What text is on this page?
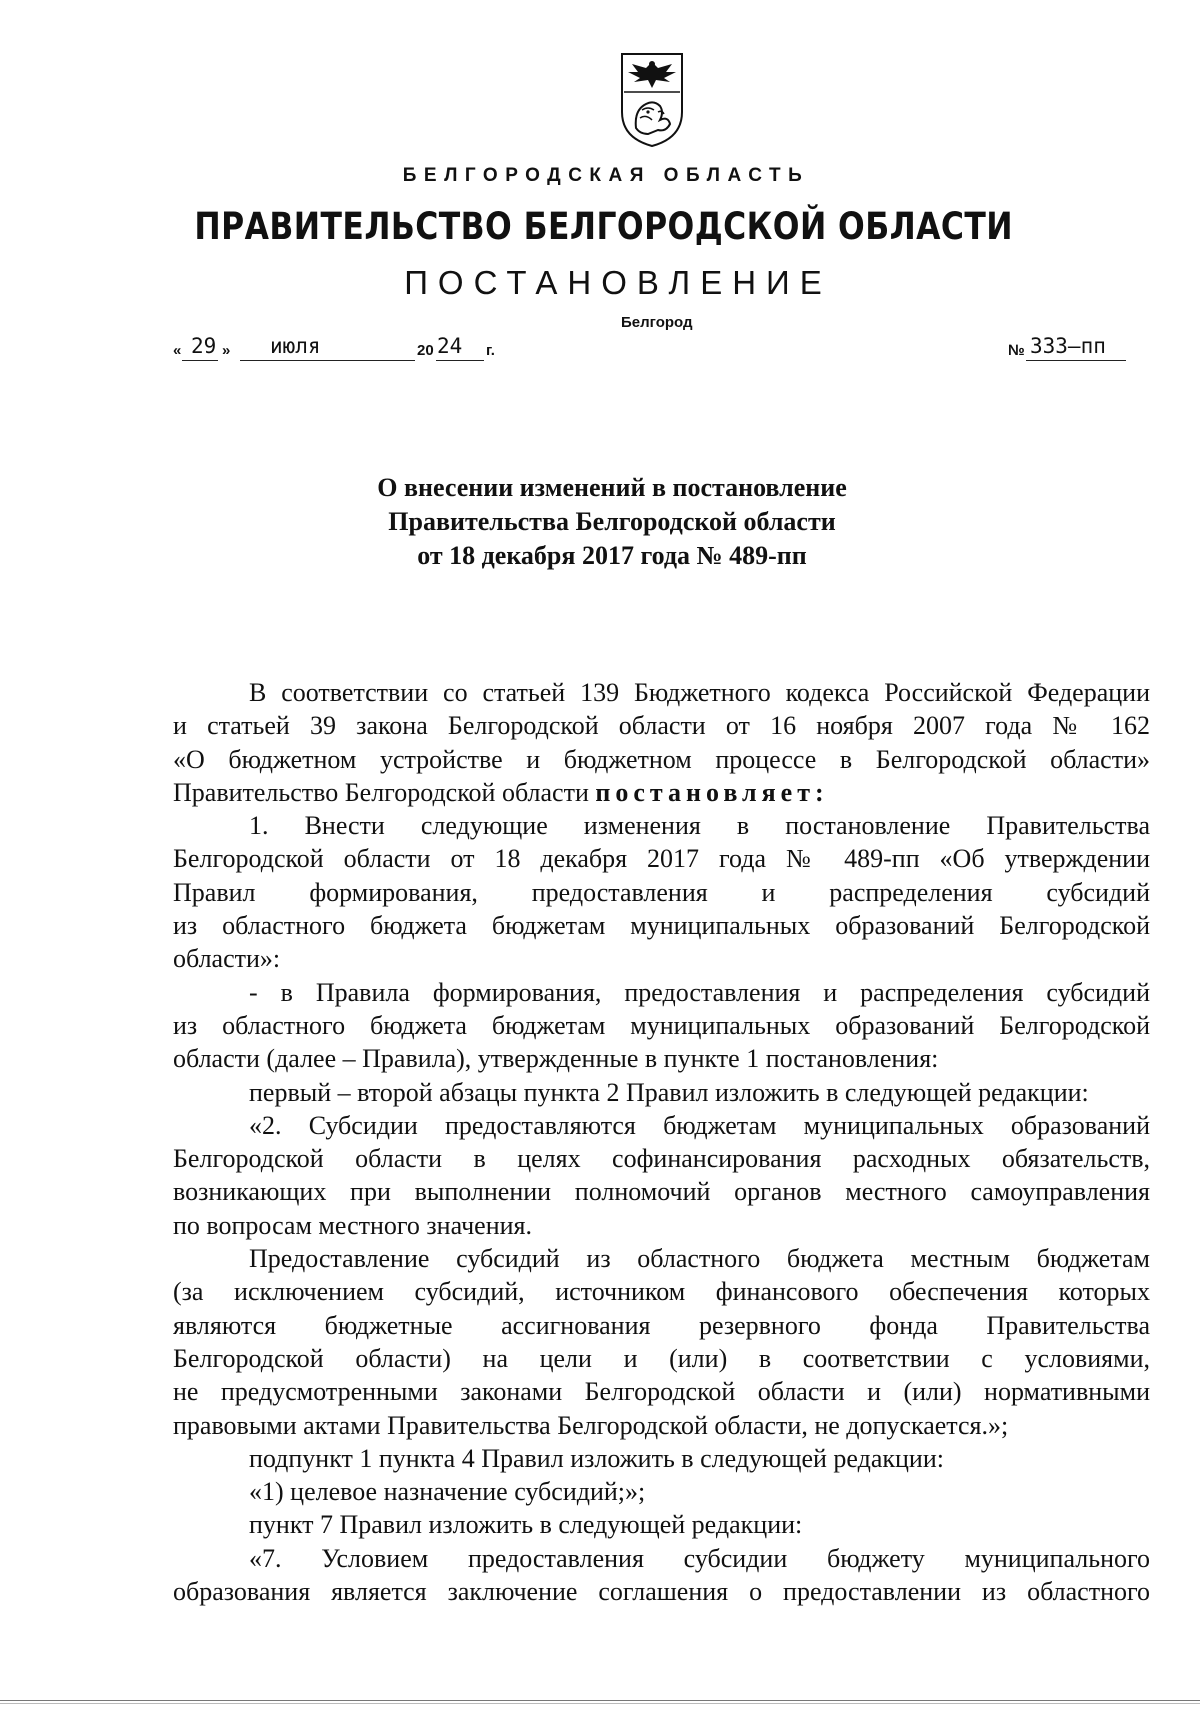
БЕЛГОРОДСКАЯ ОБЛАСТЬ
ПРАВИТЕЛЬСТВО БЕЛГОРОДСКОЙ ОБЛАСТИ
ПОСТАНОВЛЕНИЕ
Белгород
« 29 » июля	20 24 г.	№ 333–пп
О внесении изменений в постановление
Правительства Белгородской области
от 18 декабря 2017 года № 489-пп

В соответствии со статьей 139 Бюджетного кодекса Российской Федерации

и статьей 39 закона Белгородской области от 16 ноября 2007 года № 162

«О бюджетном устройстве и бюджетном процессе в Белгородской области»

Правительство Белгородской области постановляет:

1. Внести следующие изменения в постановление Правительства

Белгородской области от 18 декабря 2017 года № 489-пп «Об утверждении

Правил формирования, предоставления и распределения субсидий

из областного бюджета бюджетам муниципальных образований Белгородской

области»:

- в Правила формирования, предоставления и распределения субсидий

из областного бюджета бюджетам муниципальных образований Белгородской

области (далее – Правила), утвержденные в пункте 1 постановления:

первый – второй абзацы пункта 2 Правил изложить в следующей редакции:

«2. Субсидии предоставляются бюджетам муниципальных образований

Белгородской области в целях софинансирования расходных обязательств,

возникающих при выполнении полномочий органов местного самоуправления

по вопросам местного значения.

Предоставление субсидий из областного бюджета местным бюджетам

(за исключением субсидий, источником финансового обеспечения которых

являются бюджетные ассигнования резервного фонда Правительства

Белгородской области) на цели и (или) в соответствии с условиями,

не предусмотренными законами Белгородской области и (или) нормативными

правовыми актами Правительства Белгородской области, не допускается.»;

подпункт 1 пункта 4 Правил изложить в следующей редакции:

«1) целевое назначение субсидий;»;

пункт 7 Правил изложить в следующей редакции:

«7. Условием предоставления субсидии бюджету муниципального

образования является заключение соглашения о предоставлении из областного
